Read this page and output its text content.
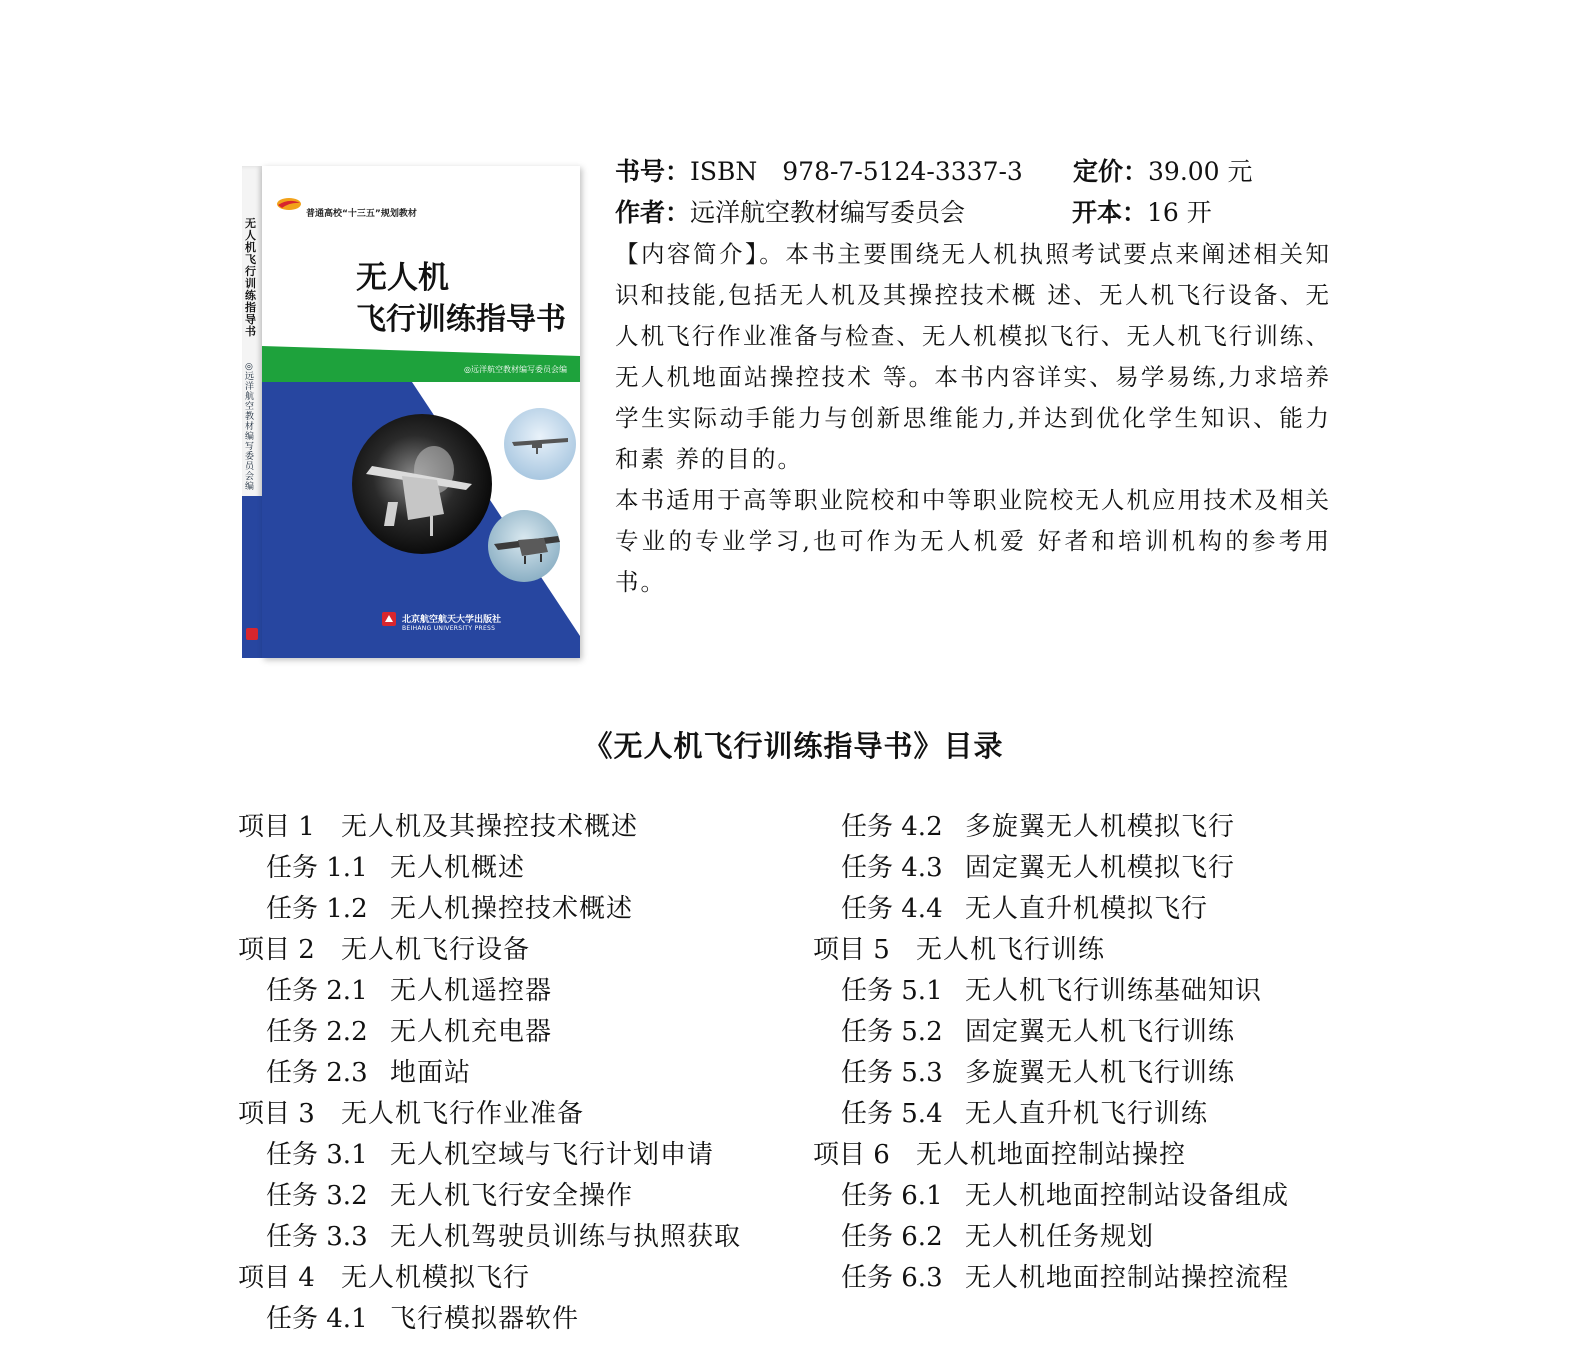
无人机飞行训练指导书
◎远洋航空教材编写委员会编
普通高校“十三五”规划教材
无人机
飞行训练指导书
◎远洋航空教材编写委员会编
北京航空航天大学出版社
BEIHANG UNIVERSITY PRESS
书号：ISBN　978-7-5124-3337-3 定价：39.00 元
作者：远洋航空教材编写委员会	开本：16 开

【内容简介】。本书主要围绕无人机执照考试要点来阐述相关知识和技能,包括无人机及其操控技术概 述、无人机飞行设备、无人机飞行作业准备与检查、无人机模拟飞行、无人机飞行训练、无人机地面站操控技术 等。本书内容详实、易学易练,力求培养学生实际动手能力与创新思维能力,并达到优化学生知识、能力和素 养的目的。

本书适用于高等职业院校和中等职业院校无人机应用技术及相关专业的专业学习,也可作为无人机爱 好者和培训机构的参考用书。

《无人机飞行训练指导书》目录
项目 1 无人机及其操控技术概述
任务 1.1 无人机概述
任务 1.2 无人机操控技术概述
项目 2 无人机飞行设备
任务 2.1 无人机遥控器
任务 2.2 无人机充电器
任务 2.3 地面站
项目 3 无人机飞行作业准备
任务 3.1 无人机空域与飞行计划申请
任务 3.2 无人机飞行安全操作
任务 3.3 无人机驾驶员训练与执照获取
项目 4 无人机模拟飞行
任务 4.1 飞行模拟器软件
任务 4.2 多旋翼无人机模拟飞行
任务 4.3 固定翼无人机模拟飞行
任务 4.4 无人直升机模拟飞行
项目 5 无人机飞行训练
任务 5.1 无人机飞行训练基础知识
任务 5.2 固定翼无人机飞行训练
任务 5.3 多旋翼无人机飞行训练
任务 5.4 无人直升机飞行训练
项目 6 无人机地面控制站操控
任务 6.1 无人机地面控制站设备组成
任务 6.2 无人机任务规划
任务 6.3 无人机地面控制站操控流程
